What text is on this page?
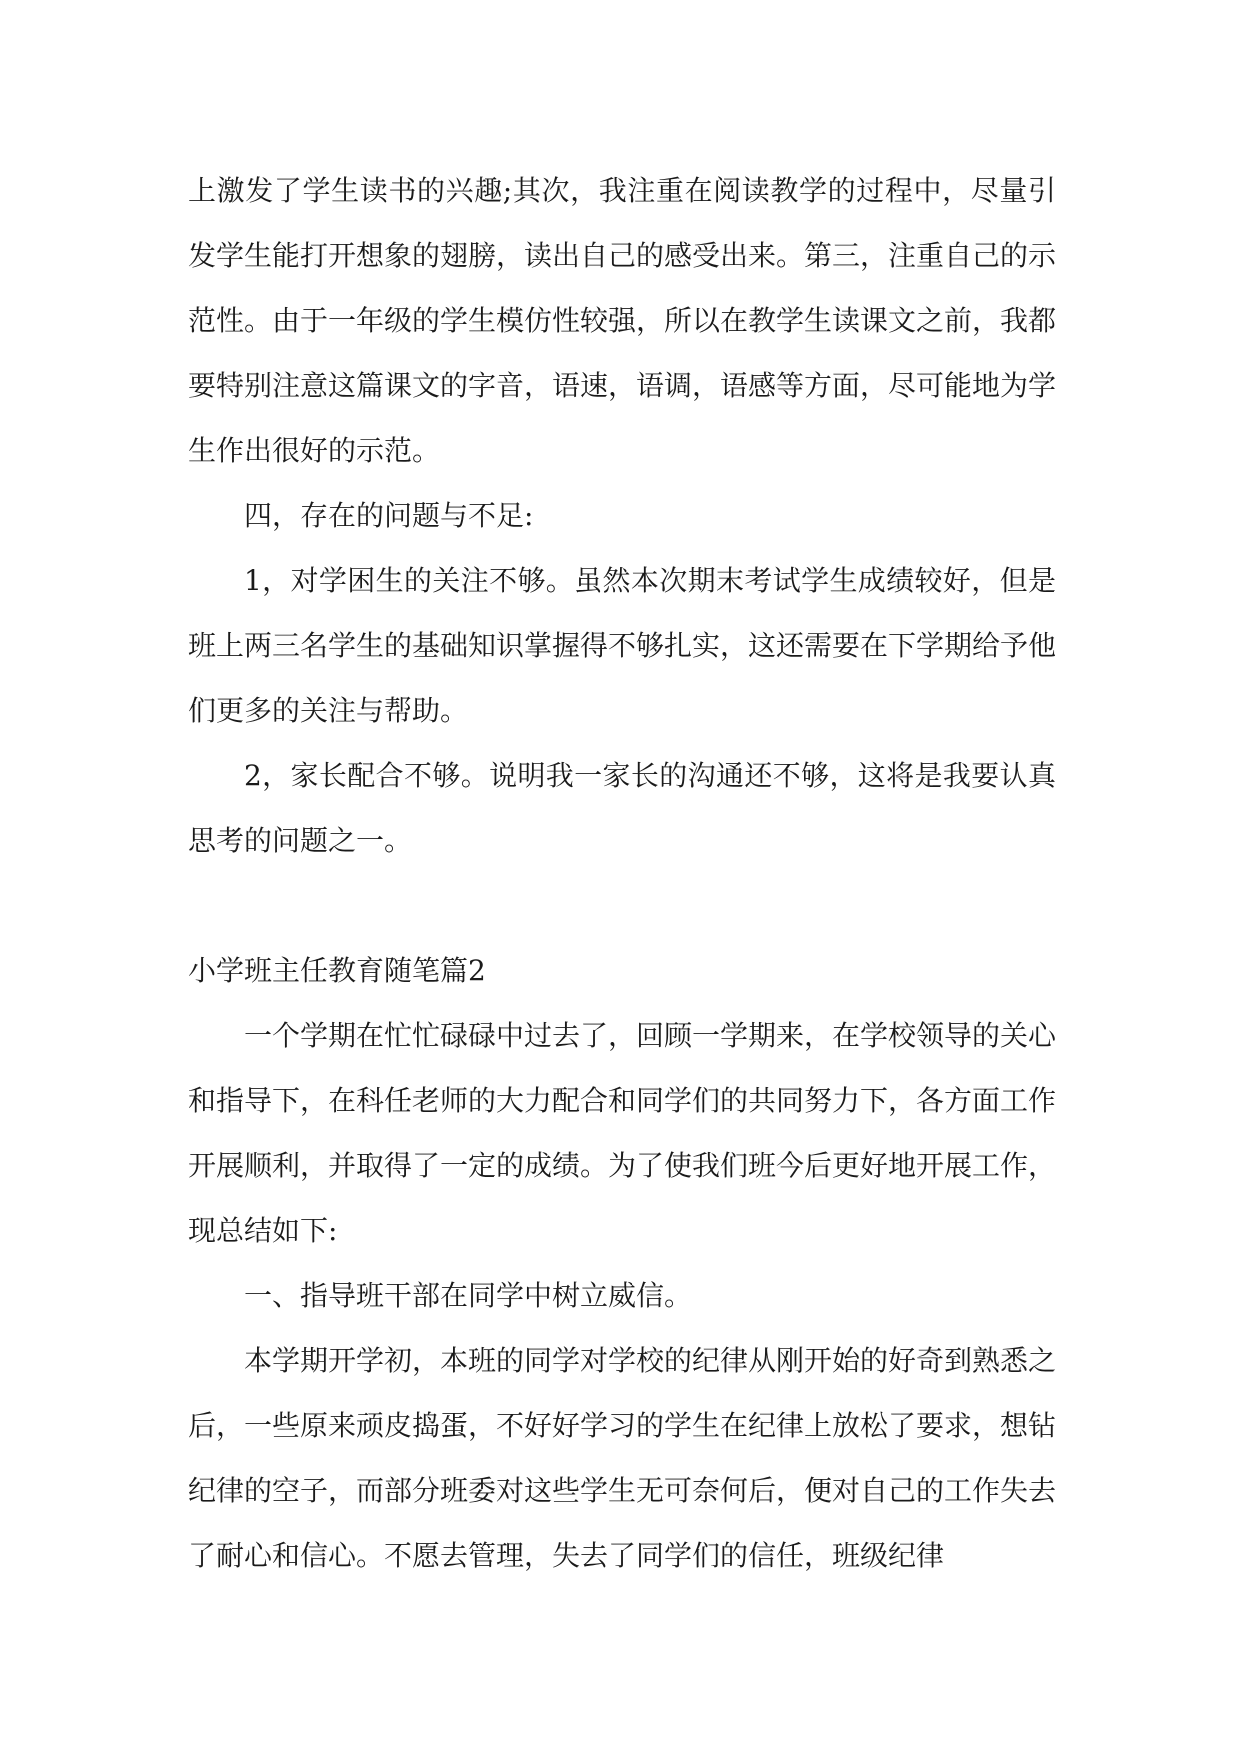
上激发了学生读书的兴趣;其次，我注重在阅读教学的过程中，尽量引发学生能打开想象的翅膀，读出自己的感受出来。第三，注重自己的示范性。由于一年级的学生模仿性较强，所以在教学生读课文之前，我都要特别注意这篇课文的字音，语速，语调，语感等方面，尽可能地为学生作出很好的示范。

四，存在的问题与不足:

1，对学困生的关注不够。虽然本次期末考试学生成绩较好，但是班上两三名学生的基础知识掌握得不够扎实，这还需要在下学期给予他们更多的关注与帮助。

2，家长配合不够。说明我一家长的沟通还不够，这将是我要认真思考的问题之一。

小学班主任教育随笔篇2

一个学期在忙忙碌碌中过去了，回顾一学期来，在学校领导的关心和指导下，在科任老师的大力配合和同学们的共同努力下，各方面工作开展顺利，并取得了一定的成绩。为了使我们班今后更好地开展工作，现总结如下:

一、指导班干部在同学中树立威信。

本学期开学初，本班的同学对学校的纪律从刚开始的好奇到熟悉之后，一些原来顽皮捣蛋，不好好学习的学生在纪律上放松了要求，想钻纪律的空子，而部分班委对这些学生无可奈何后，便对自己的工作失去了耐心和信心。不愿去管理，失去了同学们的信任，班级纪律
